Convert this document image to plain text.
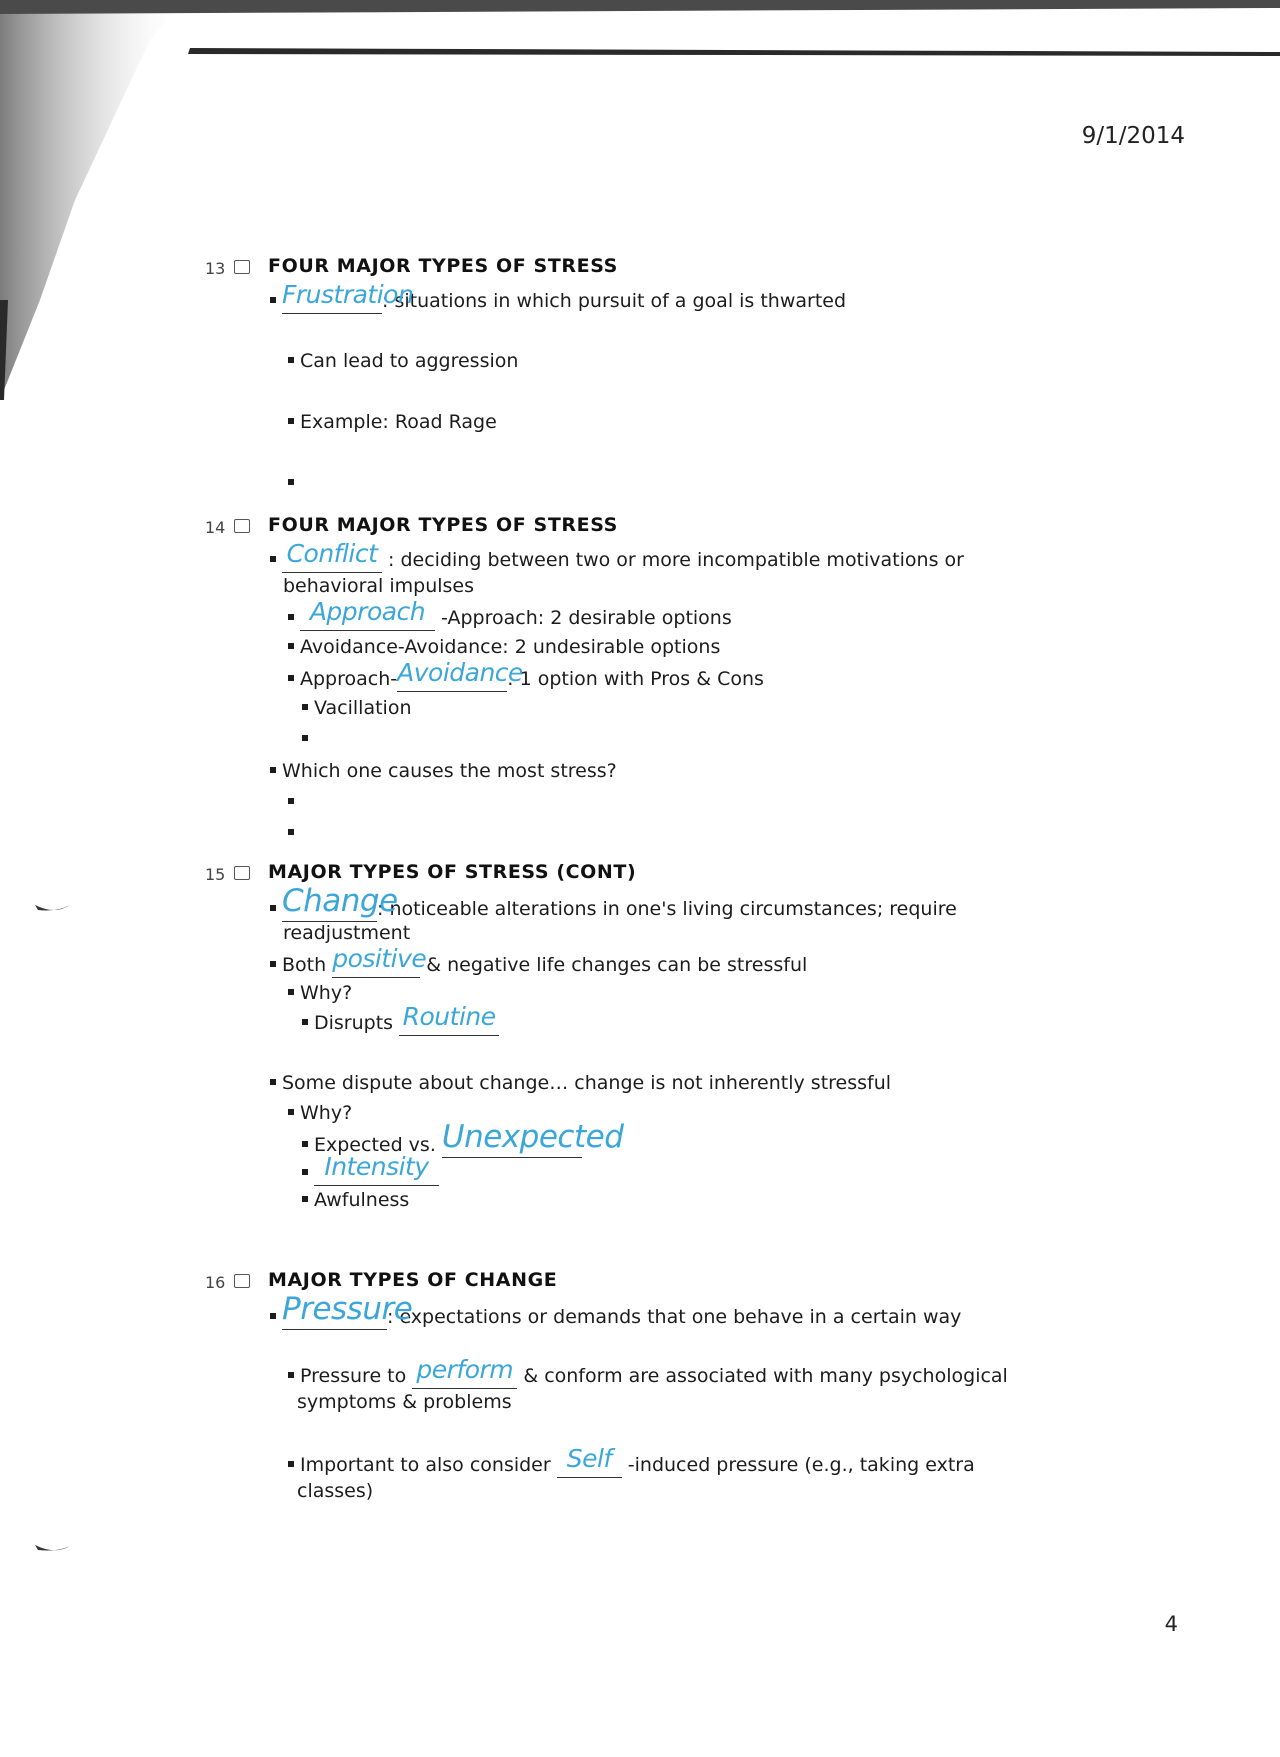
9/1/2014
13 FOUR MAJOR TYPES OF STRESS
Frustration: situations in which pursuit of a goal is thwarted
Can lead to aggression
Example: Road Rage
14 FOUR MAJOR TYPES OF STRESS
Conflict : deciding between two or more incompatible motivations or
behavioral impulses
Approach -Approach: 2 desirable options
Avoidance-Avoidance: 2 undesirable options
Approach-Avoidance: 1 option with Pros & Cons
Vacillation
Which one causes the most stress?
15 MAJOR TYPES OF STRESS (CONT)
Change: noticeable alterations in one's living circumstances; require
readjustment
Both positive & negative life changes can be stressful
Why?
Disrupts Routine
Some dispute about change… change is not inherently stressful
Why?
Expected vs. Unexpected
Intensity
Awfulness
16 MAJOR TYPES OF CHANGE
Pressure: expectations or demands that one behave in a certain way
Pressure to perform & conform are associated with many psychological
symptoms & problems
Important to also consider Self -induced pressure (e.g., taking extra
classes)
4
